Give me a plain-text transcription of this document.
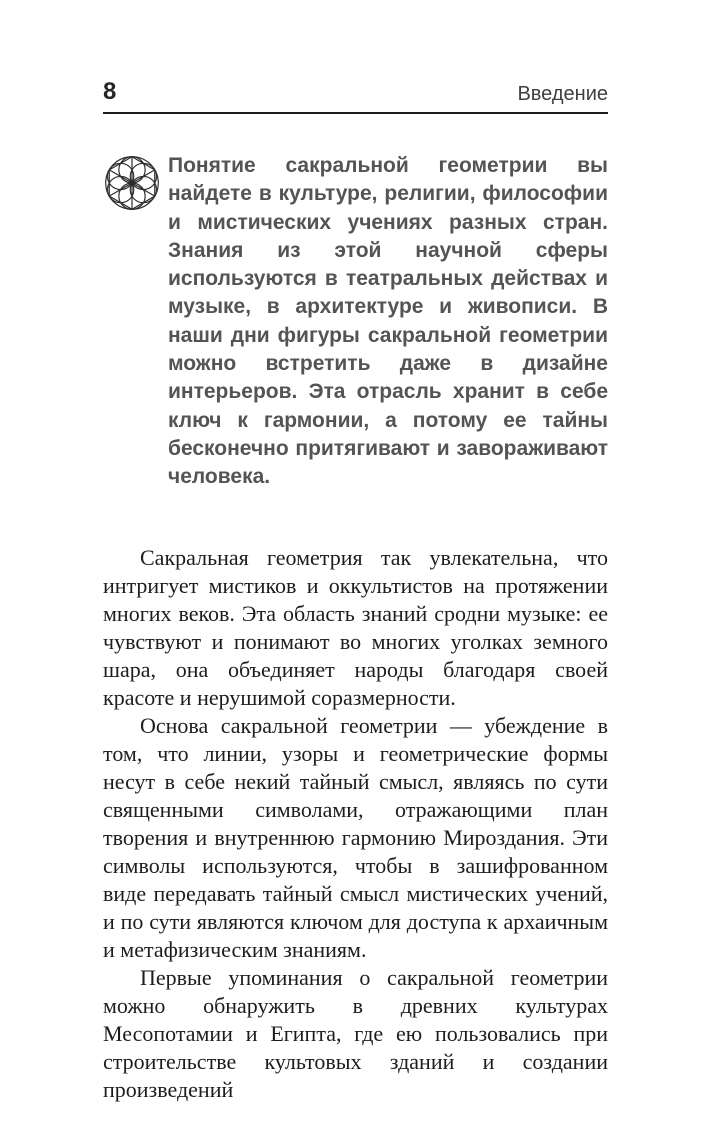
8	Введение

Понятие сакральной геометрии вы найдете в культуре, религии, философии и мистических учениях разных стран. Знания из этой научной сферы используются в театральных действах и музыке, в архитектуре и живописи. В наши дни фигуры сакральной геометрии можно встретить даже в дизайне интерьеров. Эта отрасль хранит в себе ключ к гармонии, а потому ее тайны бесконечно притягивают и завораживают человека.

Сакральная геометрия так увлекательна, что интригует мистиков и оккультистов на протяжении многих веков. Эта область знаний сродни музыке: ее чувствуют и понимают во многих уголках земного шара, она объединяет народы благодаря своей красоте и нерушимой соразмерности.

Основа сакральной геометрии — убеждение в том, что линии, узоры и геометрические формы несут в себе некий тайный смысл, являясь по сути священными символами, отражающими план творения и внутреннюю гармонию Мироздания. Эти символы используются, чтобы в зашифрованном виде передавать тайный смысл мистических учений, и по сути являются ключом для доступа к архаичным и метафизическим знаниям.

Первые упоминания о сакральной геометрии можно обнаружить в древних культурах Месопотамии и Египта, где ею пользовались при строительстве культовых зданий и создании произведений
